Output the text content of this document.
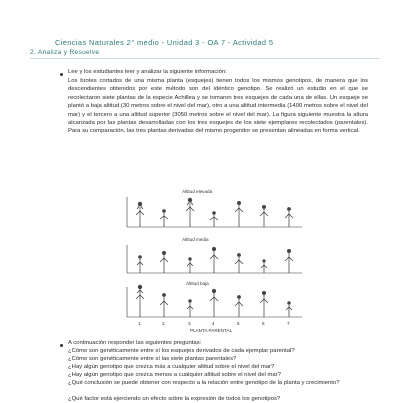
Ciencias Naturales 2° medio - Unidad 3 - OA 7 - Actividad 5
2. Analiza y Resuelve
Lee y los estudiantes leer y analizar la siguiente información:

Los brotes cortados de una misma planta (esquejes) tienen todos los mismos genotipos, de manera que los descendientes obtenidos por este método son del idéntico genotipo. Se realizó un estudio en el que se recolectaron siete plantas de la especie Achillea y se tomaron tres esquejes de cada una de ellas. Un esqueje se plantó a baja altitud (30 metros sobre el nivel del mar), otro a una altitud intermedia (1400 metros sobre el nivel del mar) y el tercero a una altitud superior (3050 metros sobre el nivel del mar). La figura siguiente muestra la altura alcanzada por las plantas desarrolladas con los tres esquejes de los siete ejemplares recolectados (parentales). Para su comparación, las tres plantas derivadas del mismo progenitor se presentan alineadas en forma vertical.

Altitud elevada
Altitud media
Altitud baja
1	2	3	4	5	6	7
PLANTA PARENTAL
A continuación responder las siguientes preguntas:
¿Cómo son genéticamente entre sí los esquejes derivados de cada ejemplar parental?
¿Cómo son genéticamente entre sí las siete plantas parentales?
¿Hay algún genotipo que crezca más a cualquier altitud sobre el nivel del mar?
¿Hay algún genotipo que crezca menos a cualquier altitud sobre el nivel del mar?
¿Qué conclusión se puede obtener con respecto a la relación entre genotipo de la planta y crecimiento?
¿Qué factor está ejerciendo un efecto sobre la expresión de todos los genotipos?
